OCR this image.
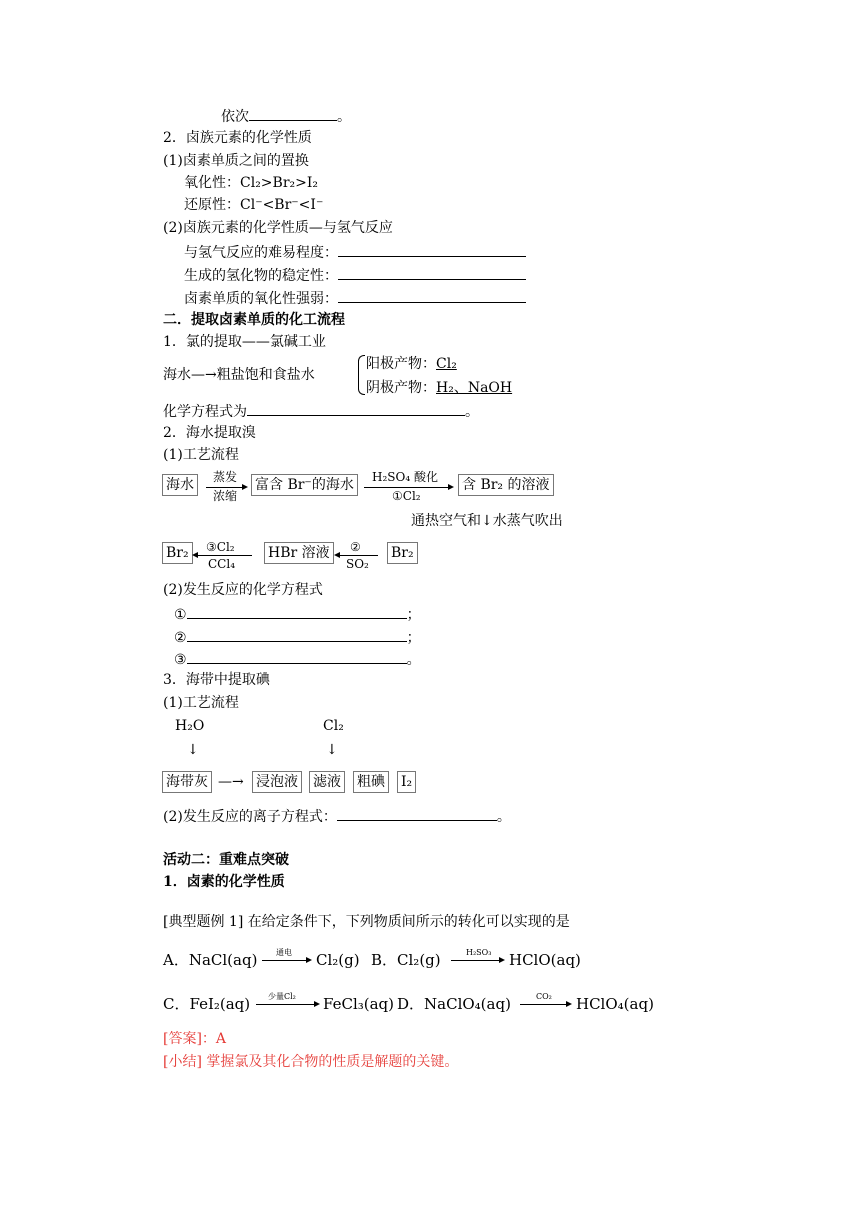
依次	。
2．卤族元素的化学性质
(1)卤素单质之间的置换
氧化性：Cl₂>Br₂>I₂
还原性：Cl⁻<Br⁻<I⁻
(2)卤族元素的化学性质—与氢气反应
与氢气反应的难易程度：
生成的氢化物的稳定性：
卤素单质的氧化性强弱：
二．提取卤素单质的化工流程
1．氯的提取——氯碱工业
海水—→粗盐饱和食盐水
阳极产物：Cl₂
阴极产物：H₂、NaOH
化学方程式为	。
2．海水提取溴
(1)工艺流程
海水	蒸发
浓缩
富含 Br⁻的海水	H₂SO₄ 酸化
①Cl₂
含 Br₂ 的溶液
通热空气和↓水蒸气吹出
Br₂	③Cl₂
CCl₄
HBr 溶液	②
SO₂
Br₂
(2)发生反应的化学方程式
①	；
②	；
③	。
3．海带中提取碘
(1)工艺流程
H₂O	Cl₂
↓	↓
海带灰 —→ 浸泡液 滤液 粗碘 I₂
(2)发生反应的离子方程式：	。
活动二：重难点突破
1．卤素的化学性质
[典型题例 1] 在给定条件下，下列物质间所示的转化可以实现的是
A．NaCl(aq) 通电 Cl₂(g) B．Cl₂(g)	H₂SO₃ HClO(aq)
C．FeI₂(aq) 少量Cl₂ FeCl₃(aq) D．NaClO₄(aq)	CO₂ HClO₄(aq)
[答案]：A
[小结] 掌握氯及其化合物的性质是解题的关键。
